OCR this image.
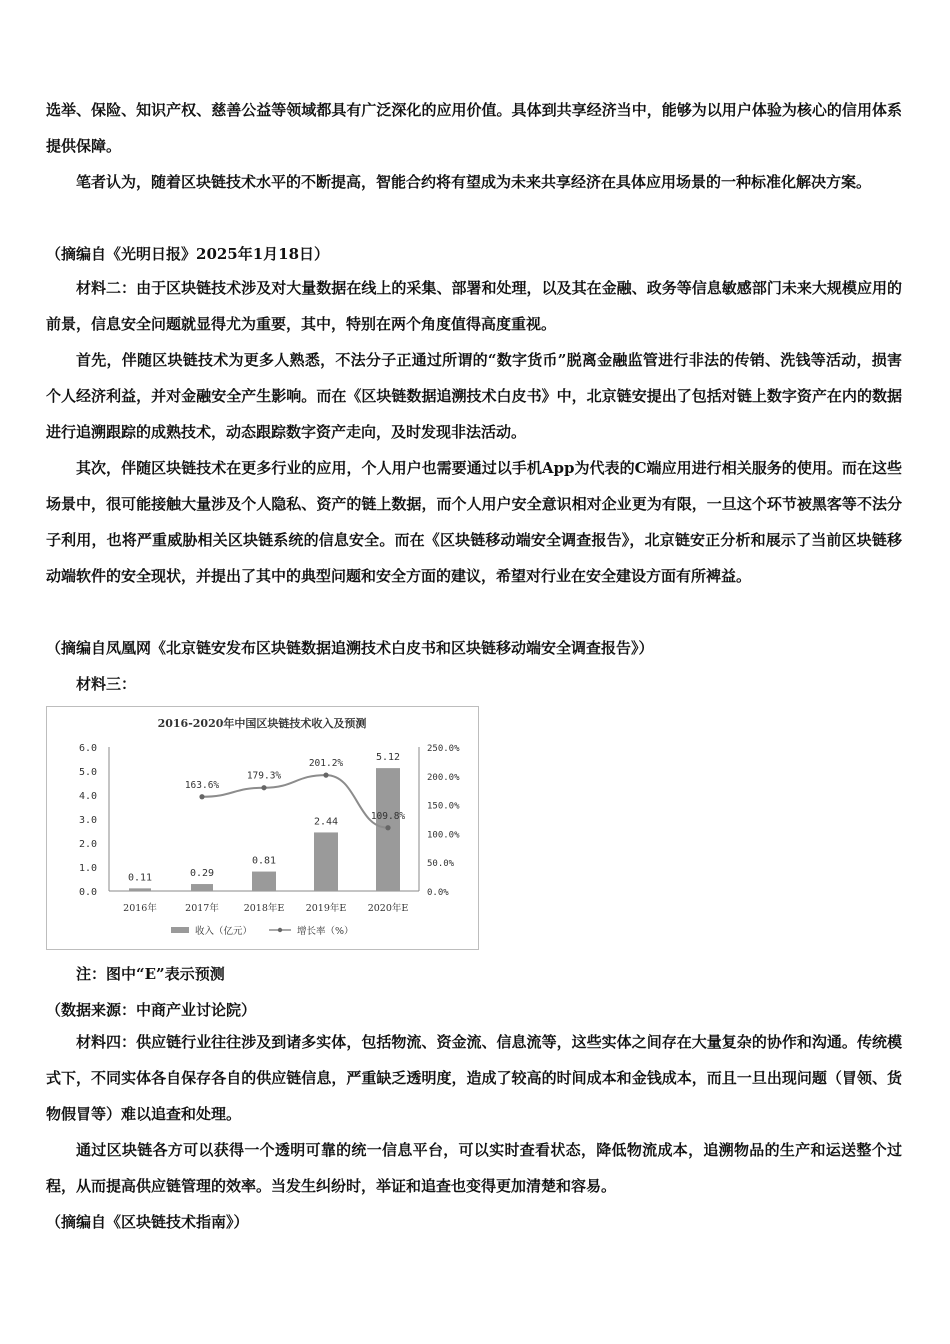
选举、保险、知识产权、慈善公益等领域都具有广泛深化的应用价值。具体到共享经济当中，能够为以用户体验为核心的信用体系提供保障。

笔者认为，随着区块链技术水平的不断提高，智能合约将有望成为未来共享经济在具体应用场景的一种标准化解决方案。

（摘编自《光明日报》2025年1月18日）

材料二：由于区块链技术涉及对大量数据在线上的采集、部署和处理，以及其在金融、政务等信息敏感部门未来大规模应用的前景，信息安全问题就显得尤为重要，其中，特别在两个角度值得高度重视。

首先，伴随区块链技术为更多人熟悉，不法分子正通过所谓的“数字货币”脱离金融监管进行非法的传销、洗钱等活动，损害个人经济利益，并对金融安全产生影响。而在《区块链数据追溯技术白皮书》中，北京链安提出了包括对链上数字资产在内的数据进行追溯跟踪的成熟技术，动态跟踪数字资产走向，及时发现非法活动。

其次，伴随区块链技术在更多行业的应用，个人用户也需要通过以手机App为代表的C端应用进行相关服务的使用。而在这些场景中，很可能接触大量涉及个人隐私、资产的链上数据，而个人用户安全意识相对企业更为有限，一旦这个环节被黑客等不法分子利用，也将严重威胁相关区块链系统的信息安全。而在《区块链移动端安全调查报告》，北京链安正分析和展示了当前区块链移动端软件的安全现状，并提出了其中的典型问题和安全方面的建议，希望对行业在安全建设方面有所裨益。

（摘编自凤凰网《北京链安发布区块链数据追溯技术白皮书和区块链移动端安全调查报告》）

材料三：

2016-2020年中国区块链技术收入及预测
0.0
1.0
2.0
3.0
4.0
5.0
6.0
0.0%
50.0%
100.0%
150.0%
200.0%
250.0%
0.11	0.29
0.81
2.44
5.12
163.6%
179.3%
201.2%
109.8%
2016年	2017年	2018年E 2019年E 2020年E
收入（亿元）	增长率（%）

注：图中“E”表示预测

（数据来源：中商产业讨论院）

材料四：供应链行业往往涉及到诸多实体，包括物流、资金流、信息流等，这些实体之间存在大量复杂的协作和沟通。传统模式下，不同实体各自保存各自的供应链信息，严重缺乏透明度，造成了较高的时间成本和金钱成本，而且一旦出现问题（冒领、货物假冒等）难以追查和处理。

通过区块链各方可以获得一个透明可靠的统一信息平台，可以实时查看状态，降低物流成本，追溯物品的生产和运送整个过程，从而提高供应链管理的效率。当发生纠纷时，举证和追查也变得更加清楚和容易。

（摘编自《区块链技术指南》）
